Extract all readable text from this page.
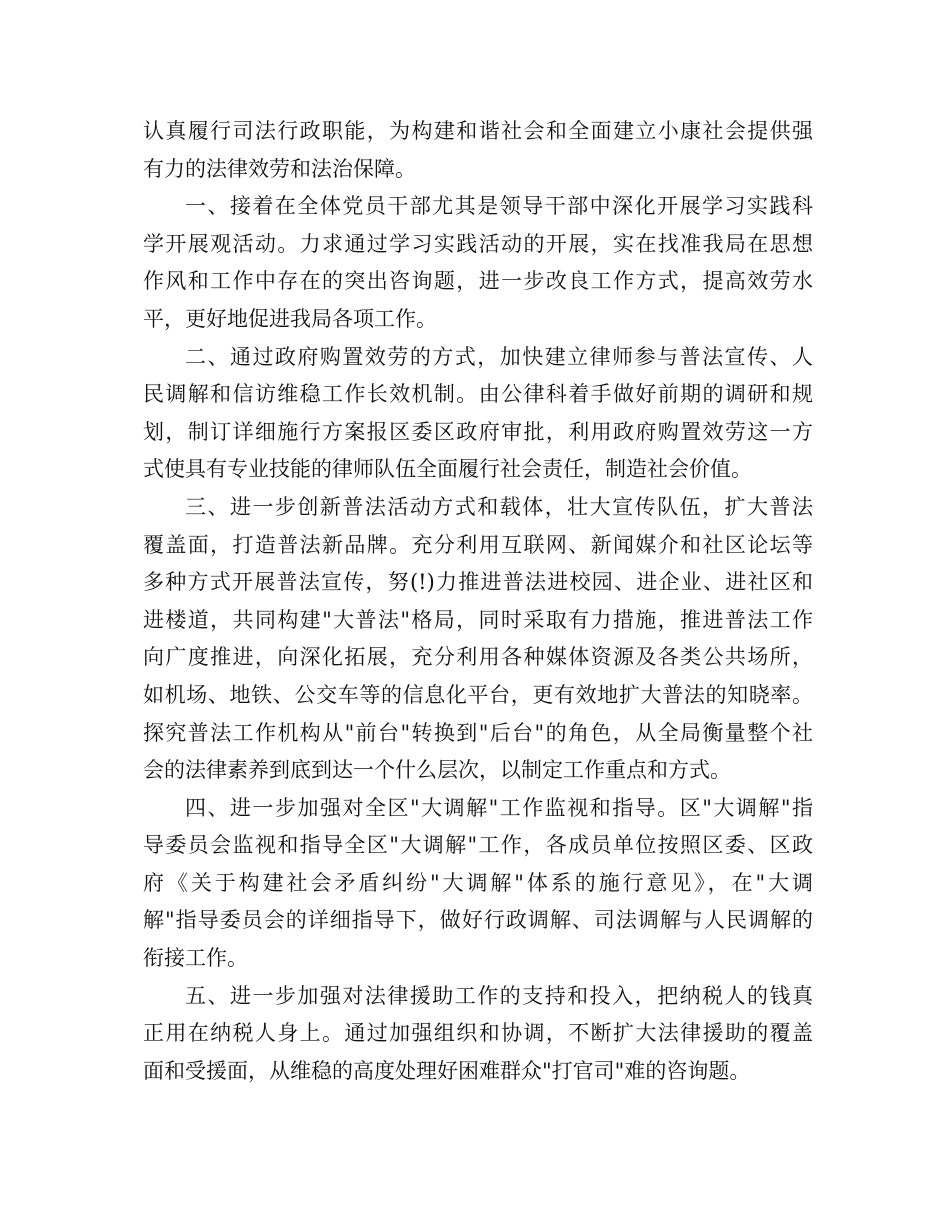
认真履行司法行政职能，为构建和谐社会和全面建立小康社会提供强
有力的法律效劳和法治保障。
一、接着在全体党员干部尤其是领导干部中深化开展学习实践科
学开展观活动。力求通过学习实践活动的开展，实在找准我局在思想
作风和工作中存在的突出咨询题，进一步改良工作方式，提高效劳水
平，更好地促进我局各项工作。
二、通过政府购置效劳的方式，加快建立律师参与普法宣传、人
民调解和信访维稳工作长效机制。由公律科着手做好前期的调研和规
划，制订详细施行方案报区委区政府审批，利用政府购置效劳这一方
式使具有专业技能的律师队伍全面履行社会责任，制造社会价值。
三、进一步创新普法活动方式和载体，壮大宣传队伍，扩大普法
覆盖面，打造普法新品牌。充分利用互联网、新闻媒介和社区论坛等
多种方式开展普法宣传，努(!)力推进普法进校园、进企业、进社区和
进楼道，共同构建"大普法"格局，同时采取有力措施，推进普法工作
向广度推进，向深化拓展，充分利用各种媒体资源及各类公共场所，
如机场、地铁、公交车等的信息化平台，更有效地扩大普法的知晓率。
探究普法工作机构从"前台"转换到"后台"的角色，从全局衡量整个社
会的法律素养到底到达一个什么层次，以制定工作重点和方式。
四、进一步加强对全区"大调解"工作监视和指导。区"大调解"指
导委员会监视和指导全区"大调解"工作，各成员单位按照区委、区政
府《关于构建社会矛盾纠纷"大调解"体系的施行意见》，在"大调
解"指导委员会的详细指导下，做好行政调解、司法调解与人民调解的
衔接工作。
五、进一步加强对法律援助工作的支持和投入，把纳税人的钱真
正用在纳税人身上。通过加强组织和协调，不断扩大法律援助的覆盖
面和受援面，从维稳的高度处理好困难群众"打官司"难的咨询题。
